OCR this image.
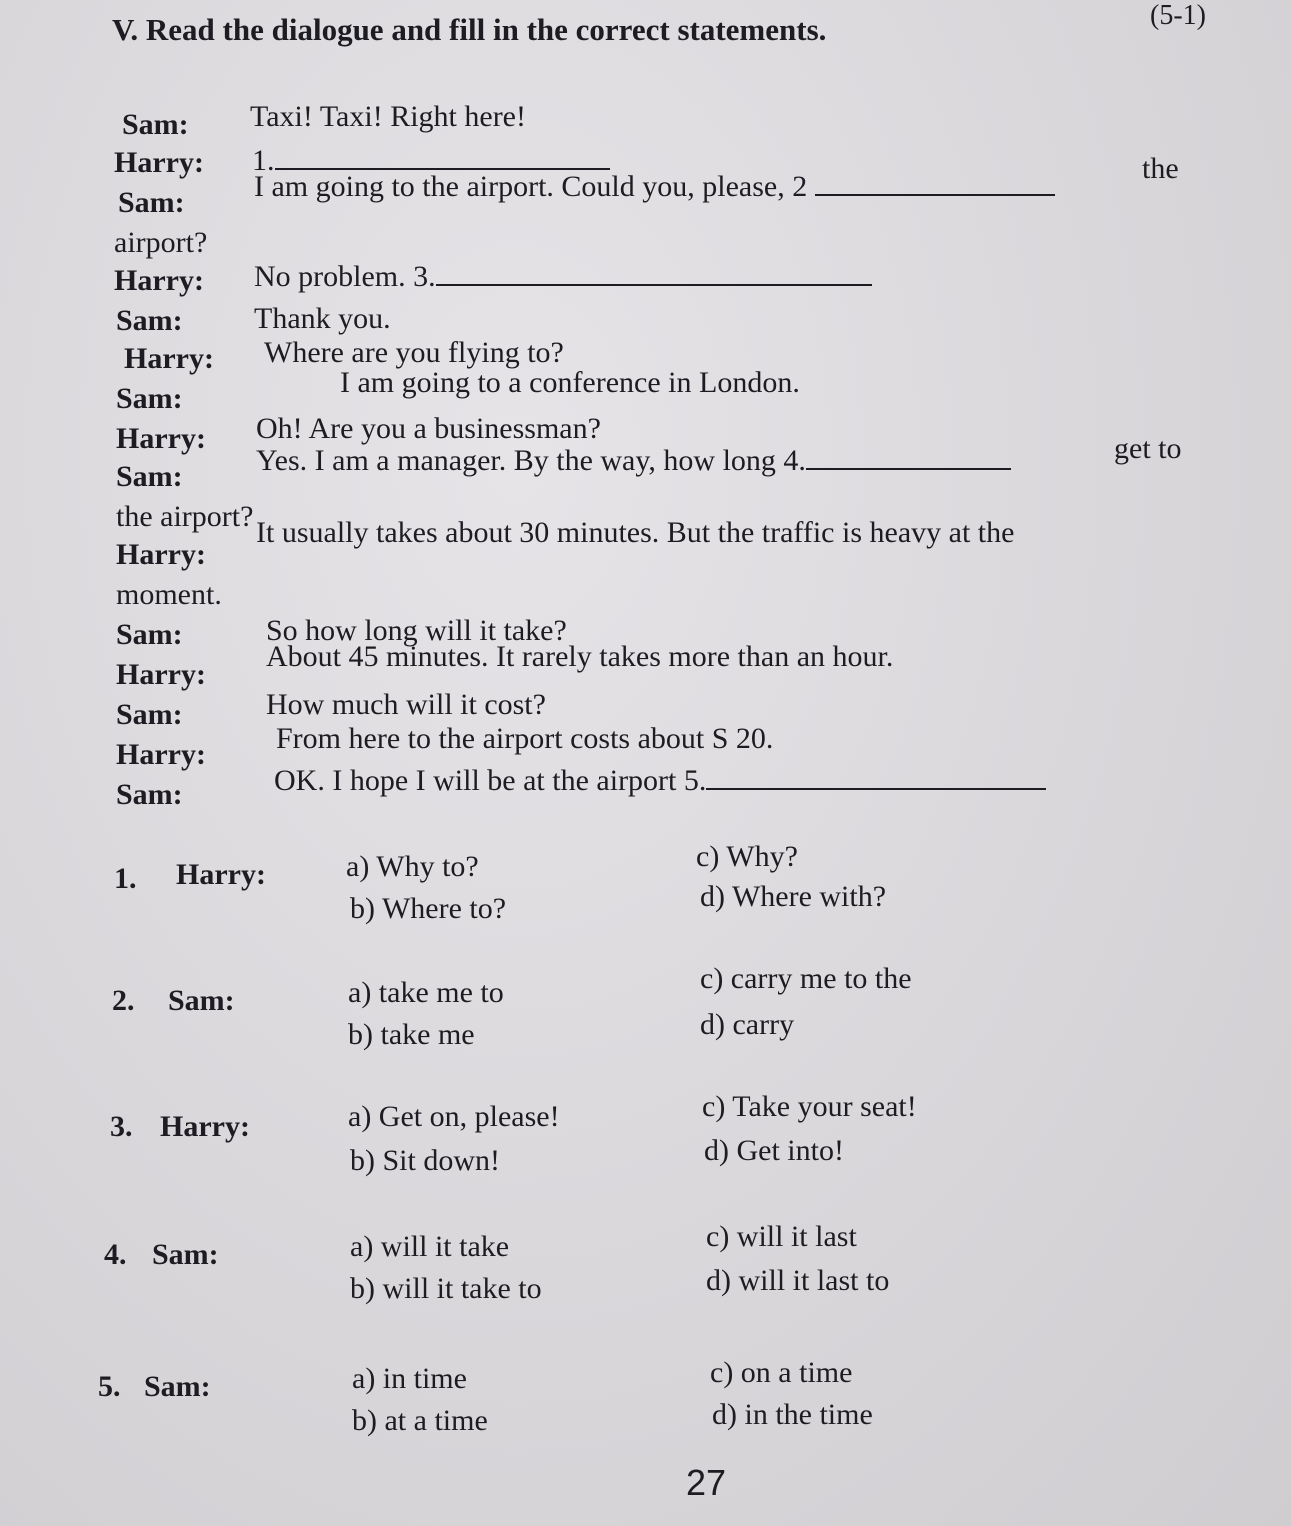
V. Read the dialogue and fill in the correct statements.	(5-1)
Sam: Taxi! Taxi! Right here!
Harry: 1.
Sam: I am going to the airport. Could you, please, 2
the
airport?
Harry: No problem. 3.
Sam: Thank you.
Harry: Where are you flying to?
Sam:	I am going to a conference in London.
Harry: Oh! Are you a businessman?
Sam: Yes. I am a manager. By the way, how long 4.	get to
the airport?
Harry:
It usually takes about 30 minutes. But the traffic is heavy at the
moment.
Sam:	So how long will it take?
Harry:
About 45 minutes. It rarely takes more than an hour.
Sam:	How much will it cost?
Harry: From here to the airport costs about S 20.
Sam:	OK. I hope I will be at the airport 5.
1. Harry:	a) Why to?
b) Where to?
c) Why?
d) Where with?
2. Sam:	a) take me to
b) take me
c) carry me to the
d) carry
3. Harry:	a) Get on, please!
b) Sit down!
c) Take your seat!
d) Get into!
4. Sam:	a) will it take
b) will it take to
c) will it last
d) will it last to
5. Sam:	a) in time
b) at a time
c) on a time
d) in the time
27
